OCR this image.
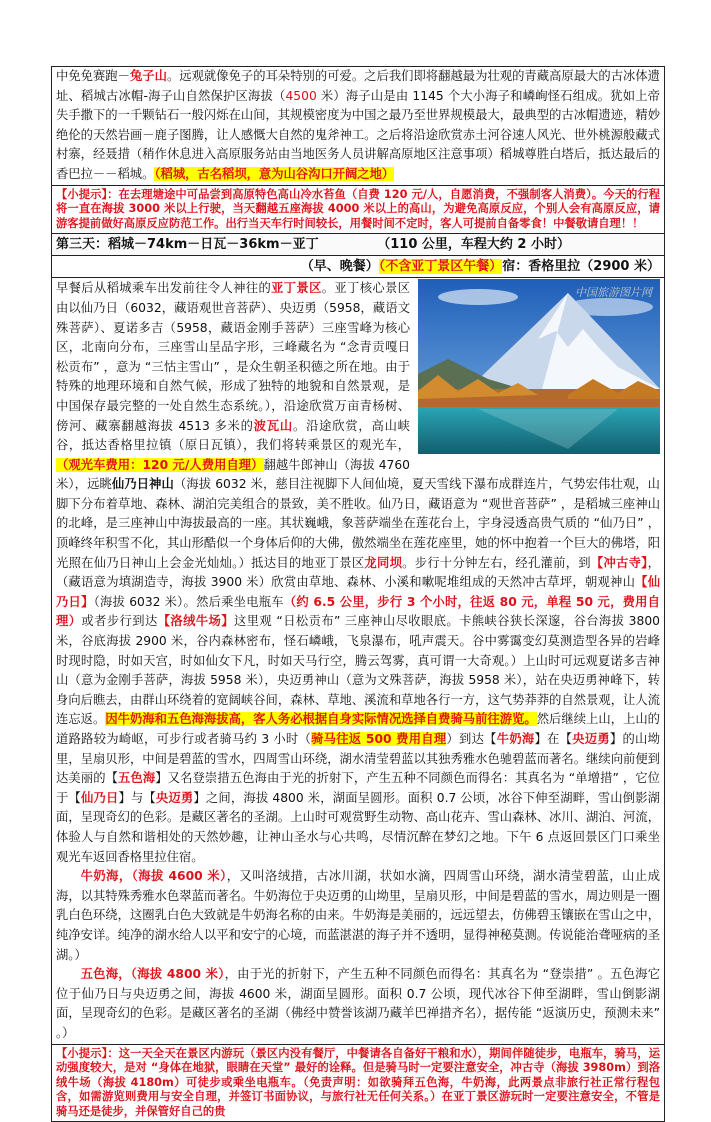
中免免赛跑－兔子山。远观就像免子的耳朵特别的可爱。之后我们即将翻越最为壮观的青藏高原最大的古冰体遗址、稻城古冰帽-海子山自然保护区海拔（4500 米）海子山是由 1145 个大小海子和嶙峋怪石组成。犹如上帝失手撒下的一千颗钻石一般闪烁在山间，其规模密度为中国之最乃至世界规模最大，最典型的古冰帽遗迹，精妙绝伦的天然岩画－鹿子图腾，让人感慨大自然的鬼斧神工。之后将沿途欣赏赤土河谷速人风光、世外桃源般藏式村寨，经聂措（稍作休息进入高原服务站由当地医务人员讲解高原地区注意事项）稻城尊胜白塔后，抵达最后的香巴拉－－稻城。（稻城，古名稻坝，意为山谷沟口开阔之地）
【小提示】：在去理塘途中可品尝到高原特色高山冷水苔鱼（自费 120 元/人，自愿消费，不强制客人消费）。今天的行程将一直在海拔 3000 米以上行驶，当天翻越五座海拔 4000 米以上的高山，为避免高原反应，个别人会有高原反应，请游客提前做好高原反应防范工作。出行当天车行时间较长，用餐时间不定时，客人可提前自备零食！中餐敬请自理！！
第三天：稻城－74km－日瓦－36km－亚丁	（110 公里，车程大约 2 小时）
（早、晚餐）（不含亚丁景区午餐）宿：香格里拉（2900 米）
中国旅游图片网
早餐后从稻城乘车出发前往令人神往的亚丁景区。亚丁核心景区由以仙乃日（6032，藏语观世音菩萨）、央迈勇（5958，藏语文殊菩萨）、夏诺多吉（5958，藏语金刚手菩萨）三座雪峰为核心区，北南向分布，三座雪山呈品字形，三峰藏名为 “念青贡嘎日松贡布” ，意为 “三怙主雪山” ，是众生朝圣积德之所在地。由于特殊的地理环境和自然气候，形成了独特的地貌和自然景观，是中国保存最完整的一处自然生态系统。），沿途欣赏万亩青杨树、傍河、藏寨翻越海拔 4513 多米的波瓦山。沿途欣赏，高山峡谷，抵达香格里拉镇（原日瓦镇），我们将转乘景区的观光车，（观光车费用：120 元/人费用自理）翻越牛郎神山（海拔 4760 米），远眺仙乃日神山（海拔 6032 米，慈目注视脚下人间仙境，夏天雪线下瀑布成群连片，气势宏伟壮观，山脚下分布着草地、森林、湖泊完美组合的景致，美不胜收。仙乃日，藏语意为 “观世音菩萨” ，是稻城三座神山的北峰，是三座神山中海拔最高的一座。其状巍峨，象菩萨端坐在莲花台上，宇身浸透高贵气质的 “仙乃日” ，顶峰终年积雪不化，其山形酷似一个身体后仰的大佛，傲然端坐在莲花座里，她的怀中抱着一个巨大的佛塔，阳光照在仙乃日神山上会金光灿灿。）抵达目的地亚丁景区龙同坝。步行十分钟左右，经孔灌前，到【冲古寺】，（藏语意为填湖造寺，海拔 3900 米）欣赏由草地、森林、小溪和嗽呢堆组成的天然冲古草坪，朝观神山【仙乃日】（海拔 6032 米）。然后乘坐电瓶车（约 6.5 公里，步行 3 个小时，往返 80 元，单程 50 元，费用自理）或者步行到达【洛绒牛场】这里观 “日松贡布” 三座神山尽收眼底。卡熊峡谷狭长深邃，谷台海拔 3800 米，谷底海拔 2900 米，谷内森林密布，怪石嶙峨，飞泉瀑布，吼声震天。谷中雾霭变幻莫测造型各异的岩峰时现时隐，时如天宫，时如仙女下凡，时如天马行空，腾云驾雾，真可谓一大奇观。）上山时可远观夏诺多吉神山（意为金刚手菩萨，海拔 5958 米），央迈勇神山（意为文殊菩萨，海拔 5958 米），站在央迈勇神峰下，转身向后瞧去，由群山环绕着的宽阔峡谷间，森林、草地、溪流和草地各行一方，这气势莽莽的自然景观，让人流连忘返。因牛奶海和五色海海拔高，客人务必根据自身实际情况选择自费骑马前往游览。然后继续上山，上山的道路路较为崎岖，可步行或者骑马约 3 小时（骑马往返 500 费用自理）到达【牛奶海】在【央迈勇】的山坳里，呈扇贝形，中间是碧蓝的雪水，四周雪山环绕，湖水清莹碧蓝以其独秀雅水色驰碧蓝而著名。继续向前便到达美丽的【五色海】又名登崇措五色海由于光的折射下，产生五种不同颜色而得名：其真名为 “单增措” ，它位于【仙乃日】与【央迈勇】之间，海拔 4800 米，湖面呈圆形。面积 0.7 公顷，冰谷下伸至湖畔，雪山倒影湖面，呈现奇幻的色彩。是藏区著名的圣湖。上山时可观赏野生动物、高山花卉、雪山森林、冰川、湖泊、河流，体验人与自然和谐相处的天然妙趣，让神山圣水与心共鸣，尽情沉醉在梦幻之地。下午 6 点返回景区门口乘坐观光车返回香格里拉住宿。
牛奶海，（海拔 4600 米），又叫洛绒措，古冰川湖，状如水滴，四周雪山环绕，湖水清莹碧蓝，山止成海，以其特殊秀雅水色翠蓝而著名。牛奶海位于央迈勇的山坳里，呈扇贝形，中间是碧蓝的雪水，周边则是一圈乳白色环绕，这圈乳白色大致就是牛奶海名称的由来。牛奶海是美丽的，远远望去，仿佛碧玉镶嵌在雪山之中，纯净安详。纯净的湖水给人以平和安宁的心境，而蓝湛湛的海子并不透明，显得神秘莫测。传说能治聋哑病的圣湖。）
五色海，（海拔 4800 米），由于光的折射下，产生五种不同颜色而得名：其真名为 “登崇措” 。五色海它位于仙乃日与央迈勇之间，海拔 4600 米，湖面呈圆形。面积 0.7 公顷，现代冰谷下伸至湖畔，雪山倒影湖面，呈现奇幻的色彩。是藏区著名的圣湖（佛经中赞誉该湖乃藏羊巴禅措齐名），据传能 “返演历史，预测未来” 。）
【小提示】：这一天全天在景区内游玩（景区内没有餐厅，中餐请各自备好干粮和水），期间伴随徒步，电瓶车，骑马，运动强度较大，是对 “身体在地狱，眼睛在天堂” 最好的诠释。但是骑马时一定要注意安全，冲古寺（海拔 3980m）到洛绒牛场（海拔 4180m）可徒步或乘坐电瓶车。（免责声明：如欲骑拜五色海，牛奶海，此两景点非旅行社正常行程包含，如需游览则费用与安全自理，并签订书面协议，与旅行社无任何关系。）在亚丁景区游玩时一定要注意安全，不管是骑马还是徒步，并保管好自己的贵
